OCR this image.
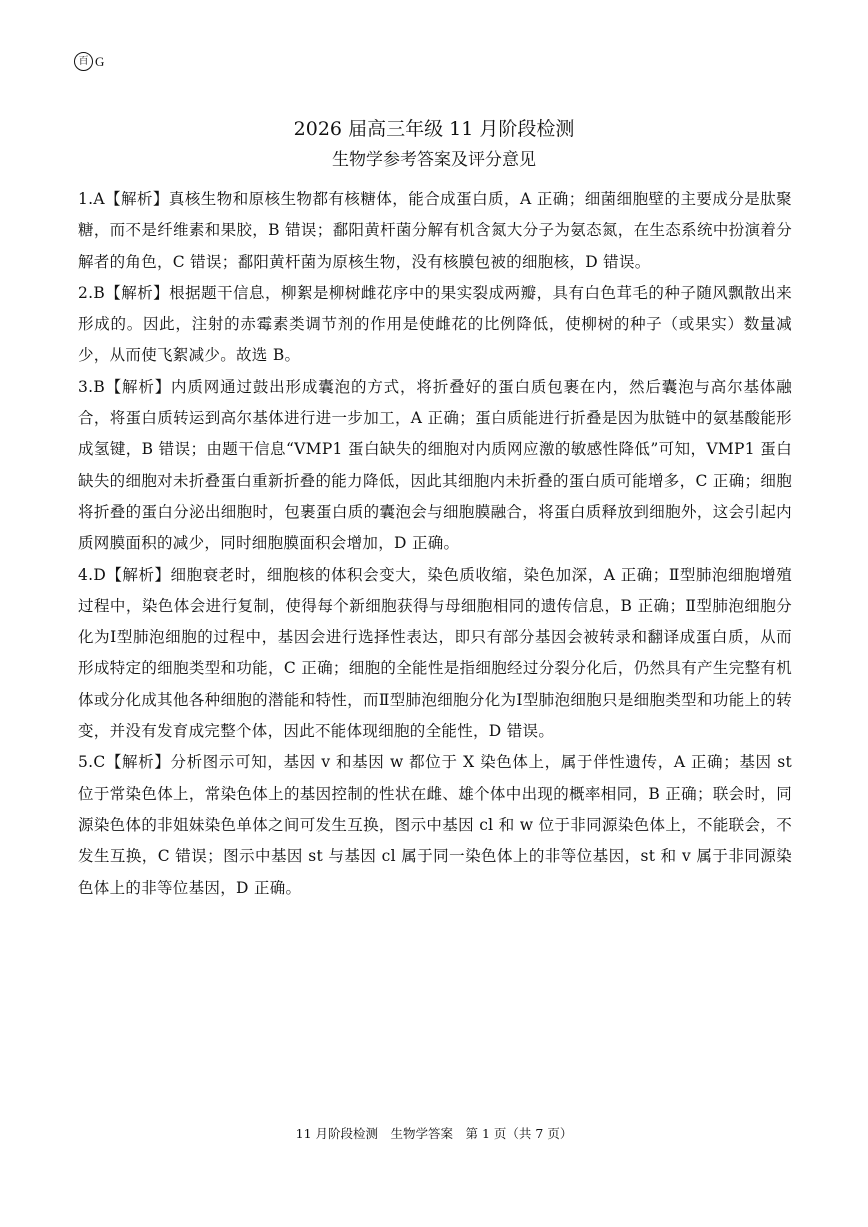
百 G
2026 届高三年级 11 月阶段检测
生物学参考答案及评分意见

1.A【解析】真核生物和原核生物都有核糖体，能合成蛋白质，A 正确；细菌细胞壁的主要成分是肽聚糖，而不是纤维素和果胶，B 错误；鄱阳黄杆菌分解有机含氮大分子为氨态氮，在生态系统中扮演着分解者的角色，C 错误；鄱阳黄杆菌为原核生物，没有核膜包被的细胞核，D 错误。

2.B【解析】根据题干信息，柳絮是柳树雌花序中的果实裂成两瓣，具有白色茸毛的种子随风飘散出来形成的。因此，注射的赤霉素类调节剂的作用是使雌花的比例降低，使柳树的种子（或果实）数量减少，从而使飞絮减少。故选 B。

3.B【解析】内质网通过鼓出形成囊泡的方式，将折叠好的蛋白质包裹在内，然后囊泡与高尔基体融合，将蛋白质转运到高尔基体进行进一步加工，A 正确；蛋白质能进行折叠是因为肽链中的氨基酸能形成氢键，B 错误；由题干信息“VMP1 蛋白缺失的细胞对内质网应激的敏感性降低”可知，VMP1 蛋白缺失的细胞对未折叠蛋白重新折叠的能力降低，因此其细胞内未折叠的蛋白质可能增多，C 正确；细胞将折叠的蛋白分泌出细胞时，包裹蛋白质的囊泡会与细胞膜融合，将蛋白质释放到细胞外，这会引起内质网膜面积的减少，同时细胞膜面积会增加，D 正确。

4.D【解析】细胞衰老时，细胞核的体积会变大，染色质收缩，染色加深，A 正确；Ⅱ型肺泡细胞增殖过程中，染色体会进行复制，使得每个新细胞获得与母细胞相同的遗传信息，B 正确；Ⅱ型肺泡细胞分化为Ⅰ型肺泡细胞的过程中，基因会进行选择性表达，即只有部分基因会被转录和翻译成蛋白质，从而形成特定的细胞类型和功能，C 正确；细胞的全能性是指细胞经过分裂分化后，仍然具有产生完整有机体或分化成其他各种细胞的潜能和特性，而Ⅱ型肺泡细胞分化为Ⅰ型肺泡细胞只是细胞类型和功能上的转变，并没有发育成完整个体，因此不能体现细胞的全能性，D 错误。

5.C【解析】分析图示可知，基因 v 和基因 w 都位于 X 染色体上，属于伴性遗传，A 正确；基因 st 位于常染色体上，常染色体上的基因控制的性状在雌、雄个体中出现的概率相同，B 正确；联会时，同源染色体的非姐妹染色单体之间可发生互换，图示中基因 cl 和 w 位于非同源染色体上，不能联会，不发生互换，C 错误；图示中基因 st 与基因 cl 属于同一染色体上的非等位基因，st 和 v 属于非同源染色体上的非等位基因，D 正确。

11 月阶段检测　生物学答案　第 1 页（共 7 页）
